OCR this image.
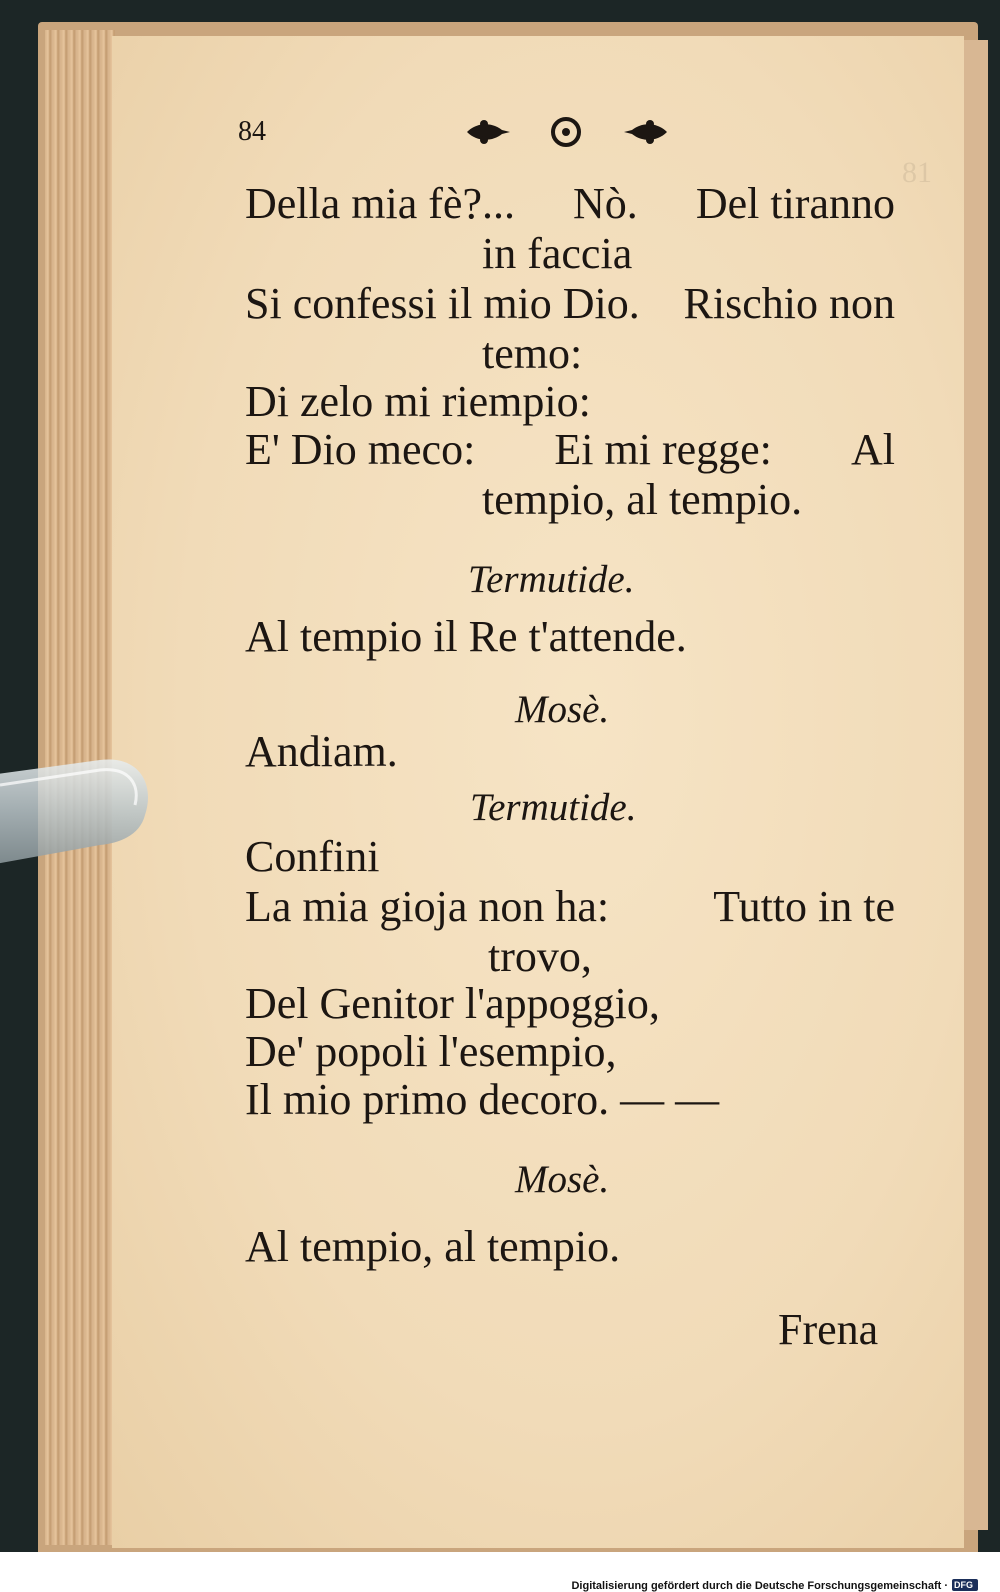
81
84
Della mia fè?... Nò. Del tiranno
in faccia
Si confessi il mio Dio. Rischio non
temo:
Di zelo mi riempio:
E' Dio meco: Ei mi regge: Al
tempio, al tempio.
Termutide.
Al tempio il Re t'attende.
Mosè.
Andiam.
Termutide.
Confini
La mia gioja non ha: Tutto in te
trovo,
Del Genitor l'appoggio,
De' popoli l'esempio,
Il mio primo decoro. — —
Mosè.
Al tempio, al tempio.
Frena
Digitalisierung gefördert durch die Deutsche Forschungsgemeinschaft · DFG
